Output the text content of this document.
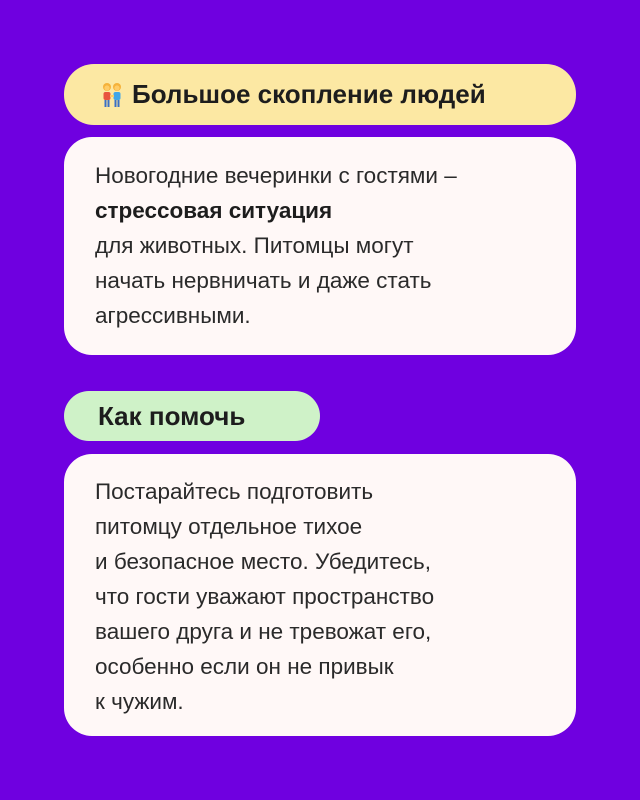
Большое скопление людей
Новогодние вечеринки с гостями –
стрессовая ситуация
для животных. Питомцы могут
начать нервничать и даже стать
агрессивными.
Как помочь
Постарайтесь подготовить
питомцу отдельное тихое
и безопасное место. Убедитесь,
что гости уважают пространство
вашего друга и не тревожат его,
особенно если он не привык
к чужим.
